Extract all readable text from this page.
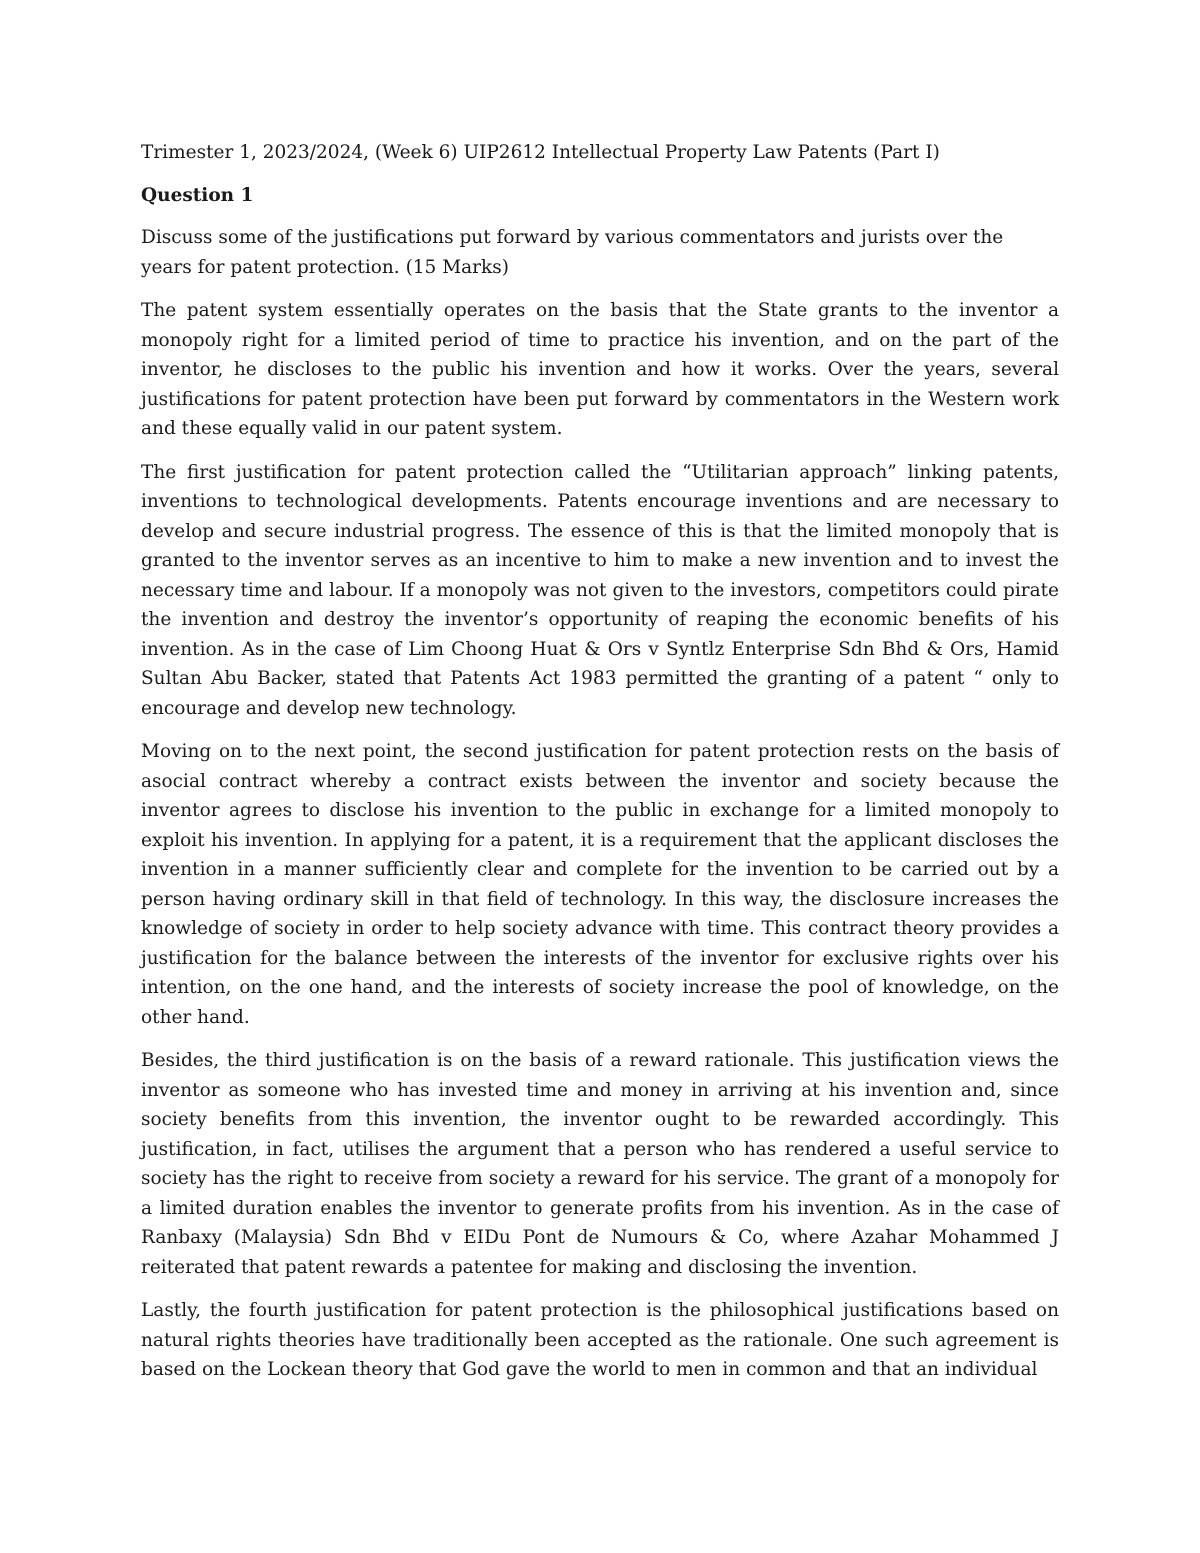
Trimester 1, 2023/2024, (Week 6) UIP2612 Intellectual Property Law Patents (Part I)

Question 1

Discuss some of the justifications put forward by various commentators and jurists over the years for patent protection. (15 Marks)

The patent system essentially operates on the basis that the State grants to the inventor a monopoly right for a limited period of time to practice his invention, and on the part of the inventor, he discloses to the public his invention and how it works. Over the years, several justifications for patent protection have been put forward by commentators in the Western work and these equally valid in our patent system.

The first justification for patent protection called the “Utilitarian approach” linking patents, inventions to technological developments. Patents encourage inventions and are necessary to develop and secure industrial progress. The essence of this is that the limited monopoly that is granted to the inventor serves as an incentive to him to make a new invention and to invest the necessary time and labour. If a monopoly was not given to the investors, competitors could pirate the invention and destroy the inventor’s opportunity of reaping the economic benefits of his invention. As in the case of Lim Choong Huat & Ors v Syntlz Enterprise Sdn Bhd & Ors, Hamid Sultan Abu Backer, stated that Patents Act 1983 permitted the granting of a patent “ only to encourage and develop new technology.

Moving on to the next point, the second justification for patent protection rests on the basis of asocial contract whereby a contract exists between the inventor and society because the inventor agrees to disclose his invention to the public in exchange for a limited monopoly to exploit his invention. In applying for a patent, it is a requirement that the applicant discloses the invention in a manner sufficiently clear and complete for the invention to be carried out by a person having ordinary skill in that field of technology. In this way, the disclosure increases the knowledge of society in order to help society advance with time. This contract theory provides a justification for the balance between the interests of the inventor for exclusive rights over his intention, on the one hand, and the interests of society increase the pool of knowledge, on the other hand.

Besides, the third justification is on the basis of a reward rationale. This justification views the inventor as someone who has invested time and money in arriving at his invention and, since society benefits from this invention, the inventor ought to be rewarded accordingly. This justification, in fact, utilises the argument that a person who has rendered a useful service to society has the right to receive from society a reward for his service. The grant of a monopoly for a limited duration enables the inventor to generate profits from his invention. As in the case of Ranbaxy (Malaysia) Sdn Bhd v EIDu Pont de Numours & Co, where Azahar Mohammed J reiterated that patent rewards a patentee for making and disclosing the invention.

Lastly, the fourth justification for patent protection is the philosophical justifications based on natural rights theories have traditionally been accepted as the rationale. One such agreement is based on the Lockean theory that God gave the world to men in common and that an individual
